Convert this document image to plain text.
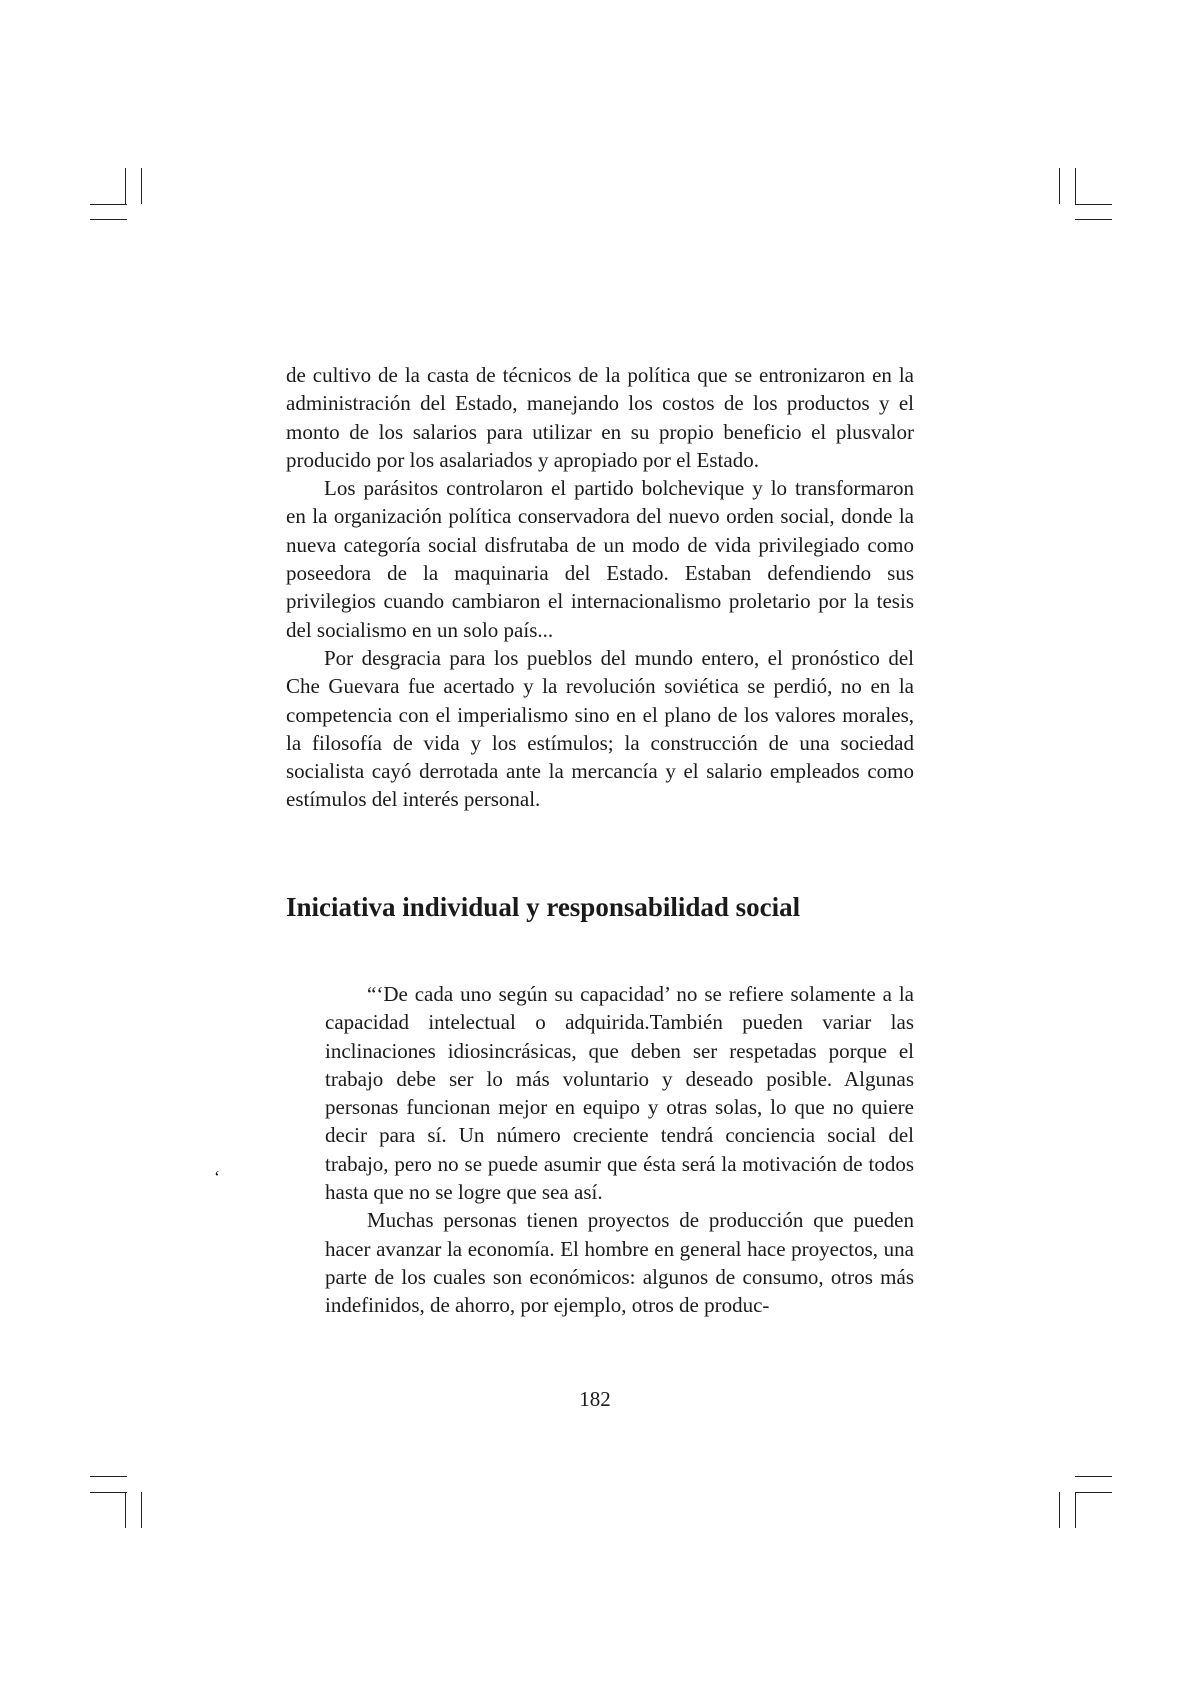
de cultivo de la casta de técnicos de la política que se entronizaron en la administración del Estado, manejando los costos de los productos y el monto de los salarios para utilizar en su propio beneficio el plusvalor producido por los asalariados y apropiado por el Estado.

Los parásitos controlaron el partido bolchevique y lo transformaron en la organización política conservadora del nuevo orden social, donde la nueva categoría social disfrutaba de un modo de vida privilegiado como poseedora de la maquinaria del Estado. Estaban defendiendo sus privilegios cuando cambiaron el internacionalismo proletario por la tesis del socialismo en un solo país...

Por desgracia para los pueblos del mundo entero, el pronóstico del Che Guevara fue acertado y la revolución soviética se perdió, no en la competencia con el imperialismo sino en el plano de los valores morales, la filosofía de vida y los estímulos; la construcción de una sociedad socialista cayó derrotada ante la mercancía y el salario empleados como estímulos del interés personal.

Iniciativa individual y responsabilidad social

“‘De cada uno según su capacidad’ no se refiere solamente a la capacidad intelectual o adquirida.También pueden variar las inclinaciones idiosincrásicas, que deben ser respetadas porque el trabajo debe ser lo más voluntario y deseado posible. Algunas personas funcionan mejor en equipo y otras solas, lo que no quiere decir para sí. Un número creciente tendrá conciencia social del trabajo, pero no se puede asumir que ésta será la motivación de todos hasta que no se logre que sea así.

Muchas personas tienen proyectos de producción que pueden hacer avanzar la economía. El hombre en general hace proyectos, una parte de los cuales son económicos: algunos de consumo, otros más indefinidos, de ahorro, por ejemplo, otros de produc-

‘
182
